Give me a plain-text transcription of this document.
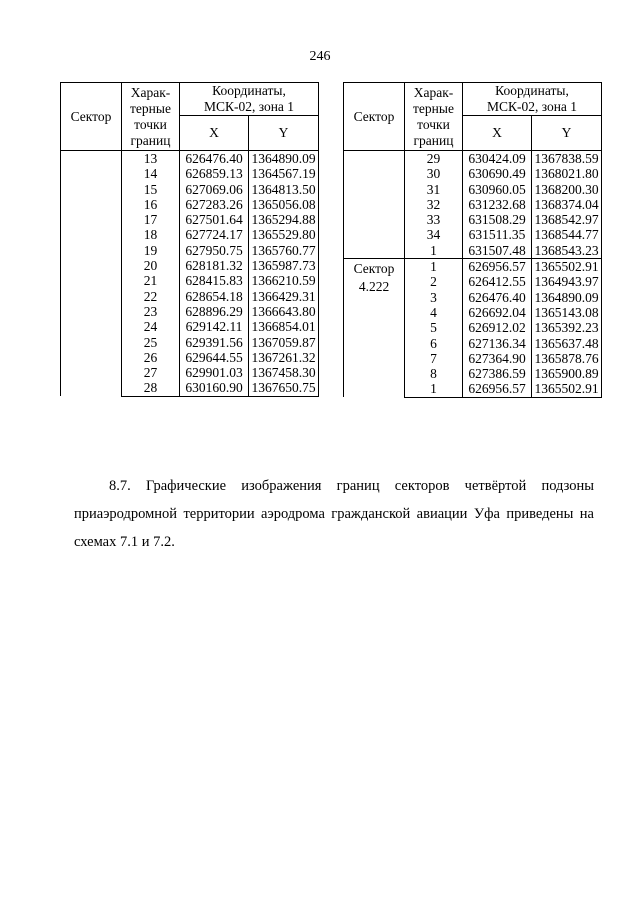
246
Сектор	Харак-
терные
точки
границ	Координаты,
МСК-02, зона 1	
		X	Y
	13	626476.40	1364890.09
	14	626859.13	1364567.19
	15	627069.06	1364813.50
	16	627283.26	1365056.08
	17	627501.64	1365294.88
	18	627724.17	1365529.80
	19	627950.75	1365760.77
	20	628181.32	1365987.73
	21	628415.83	1366210.59
	22	628654.18	1366429.31
	23	628896.29	1366643.80
	24	629142.11	1366854.01
	25	629391.56	1367059.87
	26	629644.55	1367261.32
	27	629901.03	1367458.30
	28	630160.90	1367650.75
Сектор	Харак-
терные
точки
границ	Координаты,
МСК-02, зона 1	
		X	Y
	29	630424.09	1367838.59
	30	630690.49	1368021.80
	31	630960.05	1368200.30
	32	631232.68	1368374.04
	33	631508.29	1368542.97
	34	631511.35	1368544.77
	1	631507.48	1368543.23
Сектор
4.222	1	626956.57	1365502.91
	2	626412.55	1364943.97
	3	626476.40	1364890.09
	4	626692.04	1365143.08
	5	626912.02	1365392.23
	6	627136.34	1365637.48
	7	627364.90	1365878.76
	8	627386.59	1365900.89
	1	626956.57	1365502.91
8.7. Графические изображения границ секторов четвёртой подзоны
приаэродромной территории аэродрома гражданской авиации Уфа приведены на
схемах 7.1 и 7.2.
